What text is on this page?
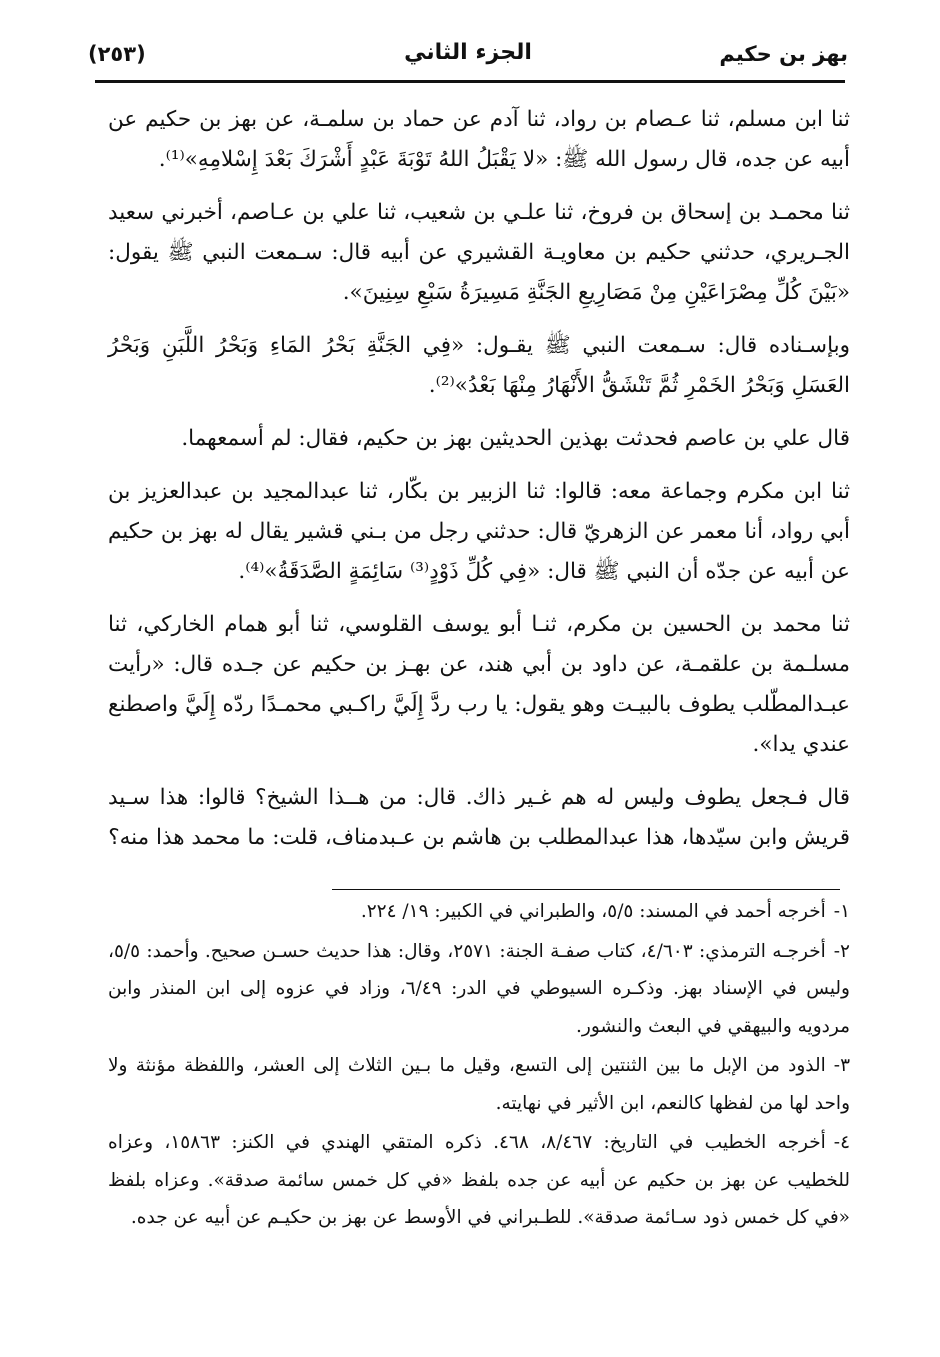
بهز بن حكيم
الجزء الثاني
(٢٥٣)

ثنا ابن مسلم، ثنا عـصام بن رواد، ثنا آدم عن حماد بن سلمـة، عن بهز بن حكيم عن أبيه عن جده، قال رسول الله ﷺ: «لا يَقْبَلُ اللهُ تَوْبَةَ عَبْدٍ أَشْرَكَ بَعْدَ إِسْلامِهِ»⁽¹⁾.

ثنا محمـد بن إسحاق بن فروخ، ثنا علـي بن شعيب، ثنا علي بن عـاصم، أخبرني سعيد الجـريري، حدثني حكيم بن معاويـة القشيري عن أبيه قال: سـمعت النبي ﷺ يقول: «بَيْنَ كُلِّ مِصْرَاعَيْنِ مِنْ مَصَارِيعِ الجَنَّةِ مَسِيرَةُ سَبْعِ سِنِينَ».

وبإسـناده قال: سـمعت النبي ﷺ يقـول: «فِي الجَنَّةِ بَحْرُ المَاءِ وَبَحْرُ اللَّبَنِ وَبَحْرُ العَسَلِ وَبَحْرُ الخَمْرِ ثُمَّ تَنْشَقُّ الأَنْهَارُ مِنْهَا بَعْدُ»⁽²⁾.

قال علي بن عاصم فحدثت بهذين الحديثين بهز بن حكيم، فقال: لم أسمعهما.

ثنا ابن مكرم وجماعة معه: قالوا: ثنا الزبير بن بكّار، ثنا عبدالمجيد بن عبدالعزيز بن أبي رواد، أنا معمر عن الزهريّ قال: حدثني رجل من بـني قشير يقال له بهز بن حكيم عن أبيه عن جدّه أن النبي ﷺ قال: «فِي كُلِّ ذَوْدٍ⁽³⁾ سَائِمَةٍ الصَّدَقَةُ»⁽⁴⁾.

ثنا محمد بن الحسين بن مكرم، ثنـا أبو يوسف القلوسي، ثنا أبو همام الخاركي، ثنا مسلـمة بن علقمـة، عن داود بن أبي هند، عن بهـز بن حكيم عن جـده قال: «رأيت عبـدالمطّلب يطوف بالبيـت وهو يقول: يا رب ردَّ إِلَيَّ راكـبي محمـدًا ردّه إِلَيَّ واصطنع عندي يدا».

قال فـجعل يطوف وليس له هم غـير ذاك. قال: من هــذا الشيخ؟ قالوا: هذا سـيد قريش وابن سيّدها، هذا عبدالمطلب بن هاشم بن عـبدمناف، قلت: ما محمد هذا منه؟

١-أخرجه أحمد في المسند: ٥/٥، والطبراني في الكبير: ١٩/ ٢٢٤.

٢-أخرجـه الترمذي: ٤/٦٠٣، كتاب صفـة الجنة: ٢٥٧١، وقال: هذا حديث حسـن صحيح. وأحمد: ٥/٥، وليس في الإسناد بهز. وذكـره السيوطي في الدر: ٦/٤٩، وزاد في عزوه إلى ابن المنذر وابن مردويه والبيهقي في البعث والنشور.

٣-الذود من الإبل ما بين الثنتين إلى التسع، وقيل ما بـين الثلاث إلى العشر، واللفظة مؤنثة ولا واحد لها من لفظها كالنعم، ابن الأثير في نهايته.

٤-أخرجه الخطيب في التاريخ: ٨/٤٦٧، ٤٦٨. ذكره المتقي الهندي في الكنز: ١٥٨٦٣، وعزاه للخطيب عن بهز بن حكيم عن أبيه عن جده بلفظ «في كل خمس سائمة صدقة». وعزاه بلفظ «في كل خمس ذود سـائمة صدقة». للطـبراني في الأوسط عن بهز بن حكيـم عن أبيه عن جده.
